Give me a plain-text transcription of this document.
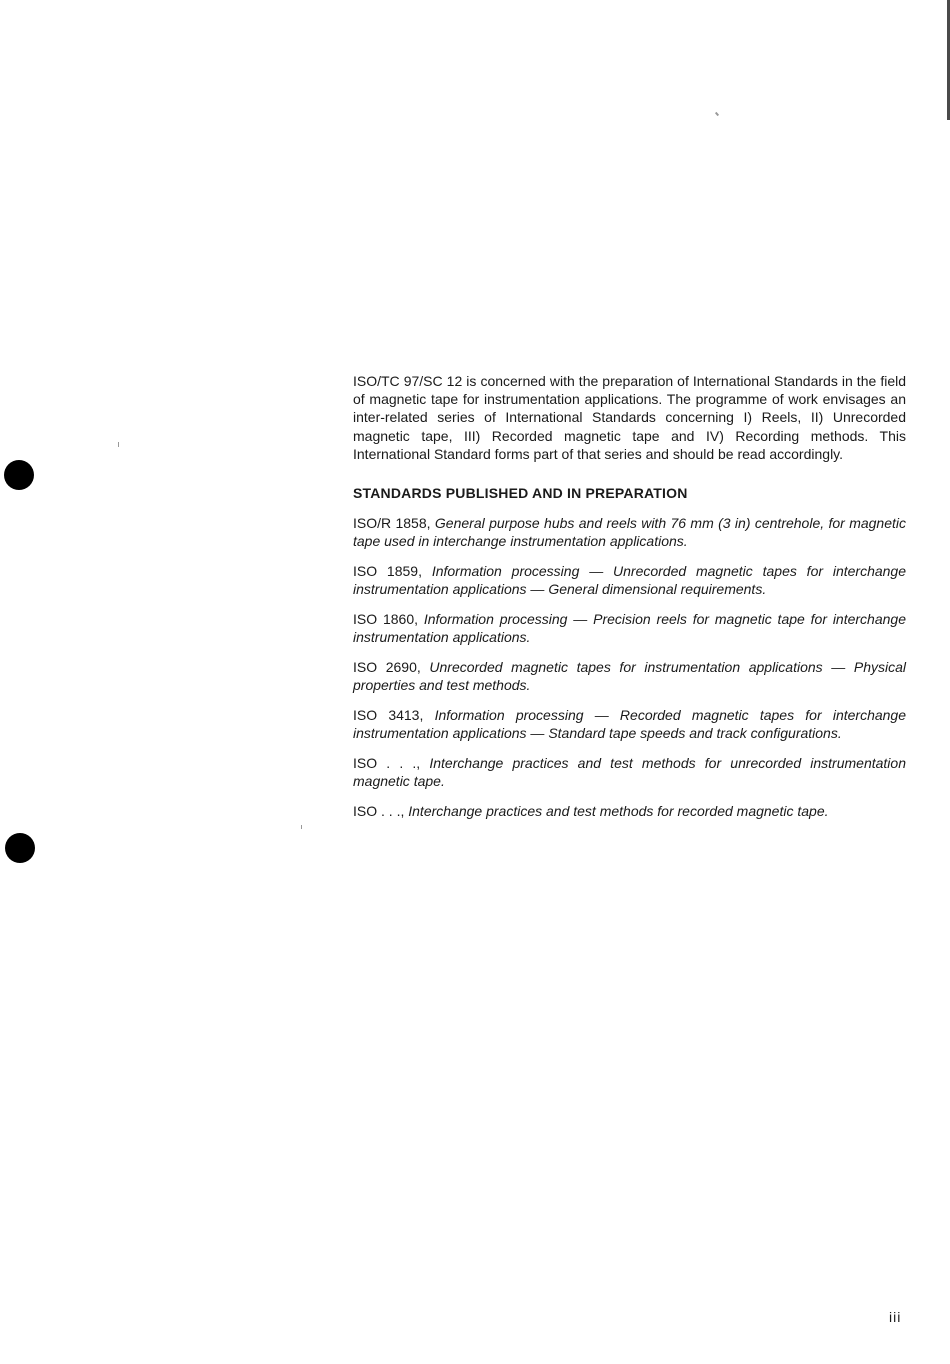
ISO/TC 97/SC 12 is concerned with the preparation of International Standards in the field of magnetic tape for instrumentation applications. The programme of work envisages an inter-related series of International Standards concerning I) Reels, II) Unrecorded magnetic tape, III) Recorded magnetic tape and IV) Recording methods. This International Standard forms part of that series and should be read accordingly.

STANDARDS PUBLISHED AND IN PREPARATION
ISO/R 1858, General purpose hubs and reels with 76 mm (3 in) centrehole, for magnetic tape used in interchange instrumentation applications.
ISO 1859, Information processing — Unrecorded magnetic tapes for interchange instrumentation applications — General dimensional requirements.
ISO 1860, Information processing — Precision reels for magnetic tape for interchange instrumentation applications.
ISO 2690, Unrecorded magnetic tapes for instrumentation applications — Physical properties and test methods.
ISO 3413, Information processing — Recorded magnetic tapes for interchange instrumentation applications — Standard tape speeds and track configurations.
ISO . . ., Interchange practices and test methods for unrecorded instrumentation magnetic tape.
ISO . . ., Interchange practices and test methods for recorded magnetic tape.
iii
